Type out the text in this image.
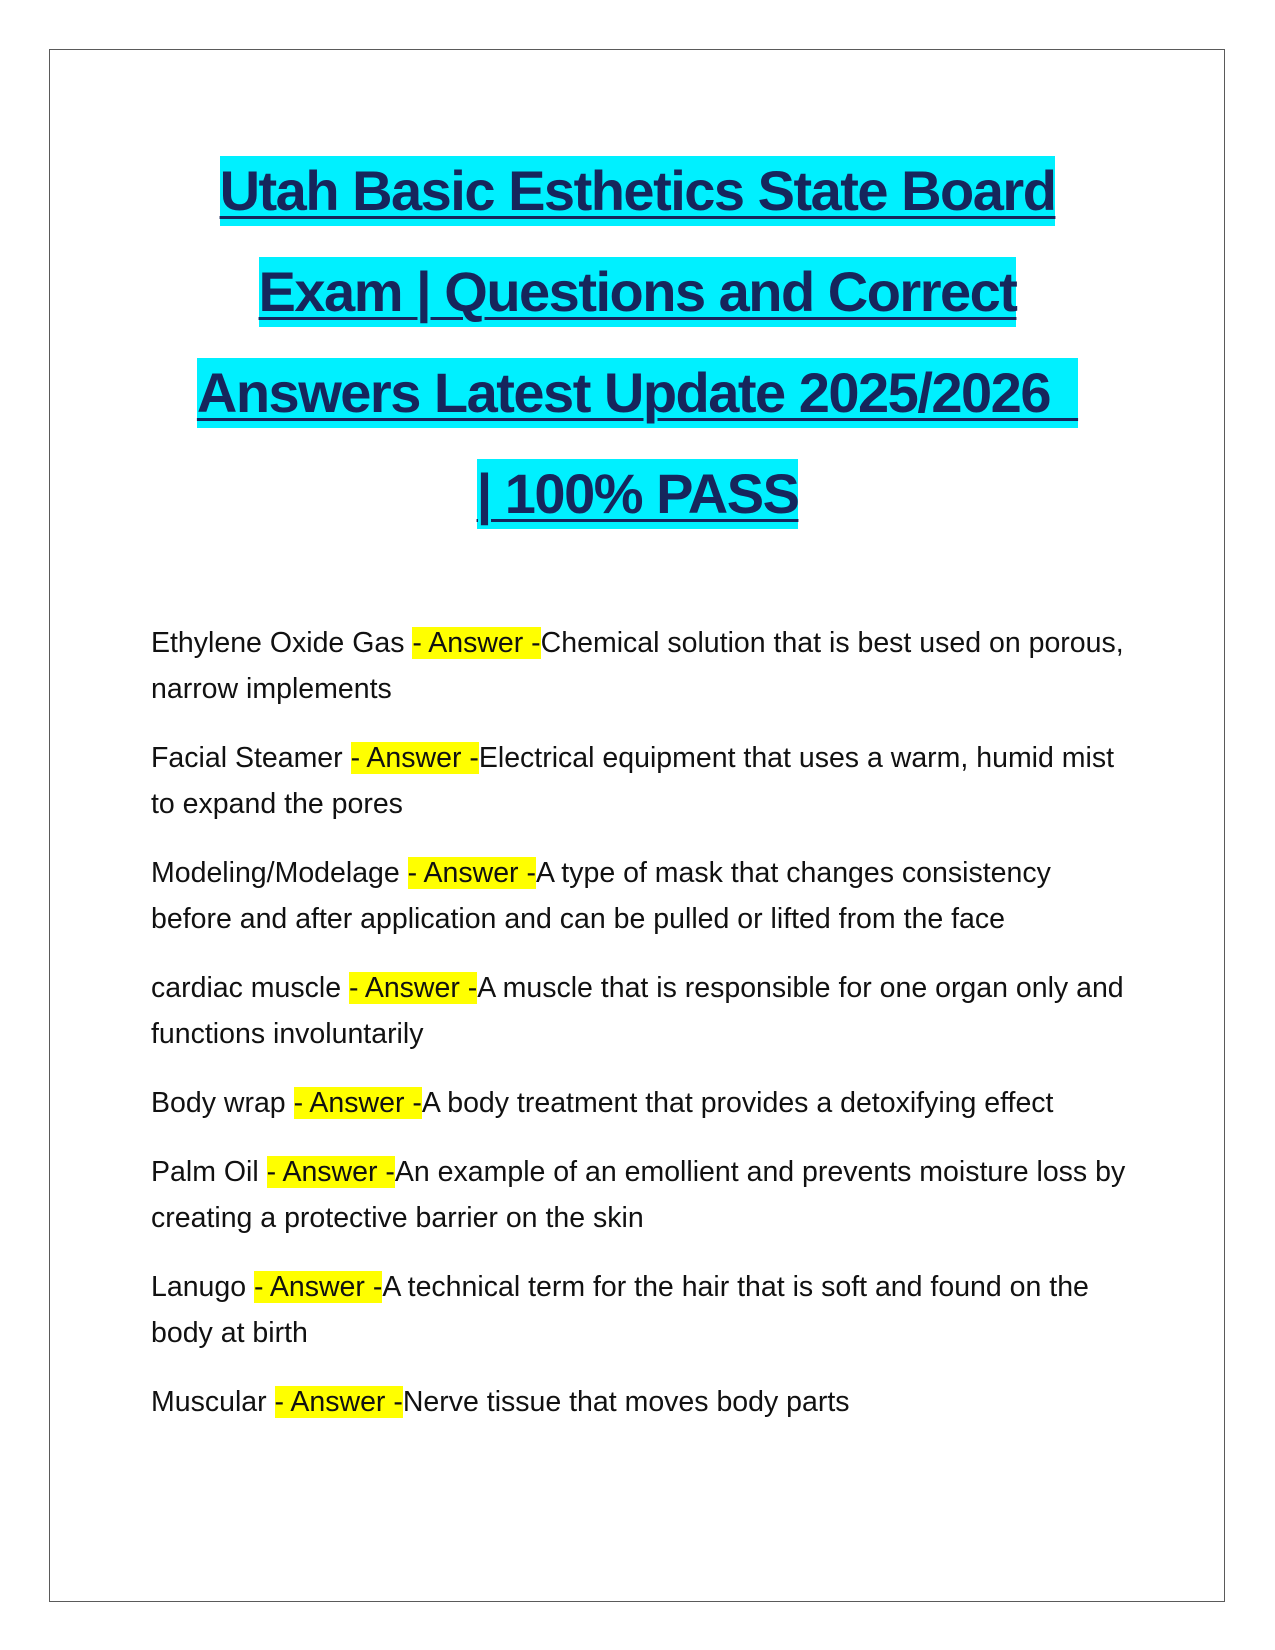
Utah Basic Esthetics State Board
Exam | Questions and Correct
Answers Latest Update 2025/2026
| 100% PASS
Ethylene Oxide Gas - Answer -Chemical solution that is best used on porous, narrow implements
Facial Steamer - Answer -Electrical equipment that uses a warm, humid mist to expand the pores
Modeling/Modelage - Answer -A type of mask that changes consistency before and after application and can be pulled or lifted from the face
cardiac muscle - Answer -A muscle that is responsible for one organ only and functions involuntarily
Body wrap - Answer -A body treatment that provides a detoxifying effect
Palm Oil - Answer -An example of an emollient and prevents moisture loss by creating a protective barrier on the skin
Lanugo - Answer -A technical term for the hair that is soft and found on the body at birth
Muscular - Answer -Nerve tissue that moves body parts
